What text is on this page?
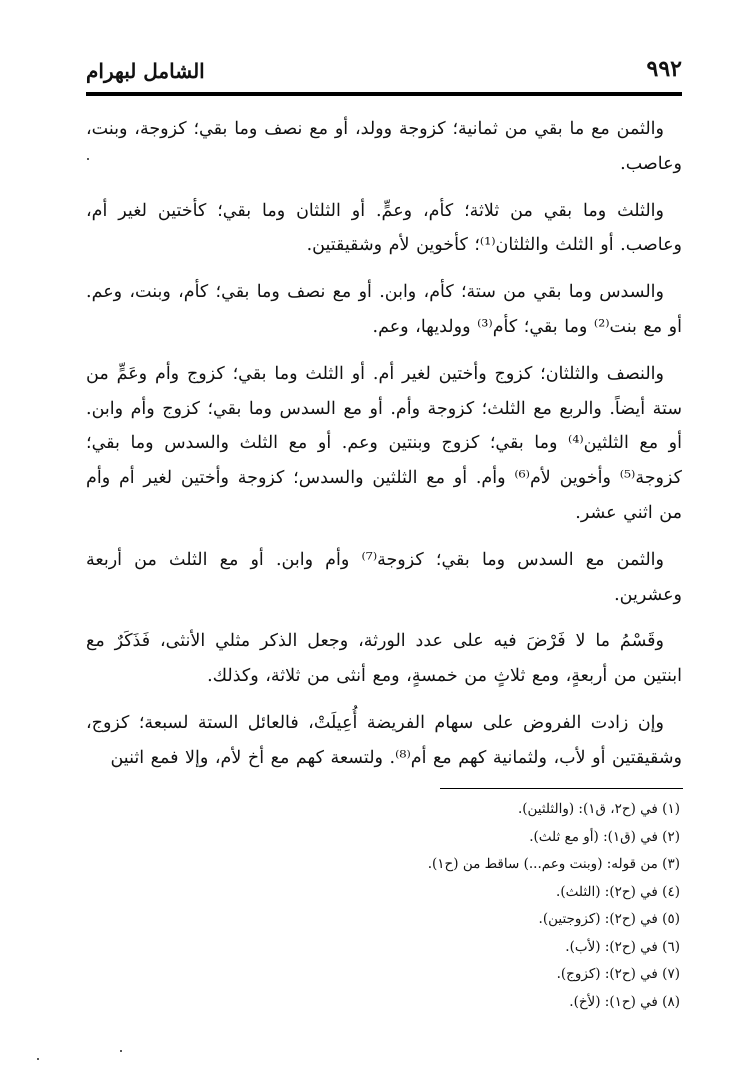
٩٩٢
الشامل لبهرام

والثمن مع ما بقي من ثمانية؛ كزوجة وولد، أو مع نصف وما بقي؛ كزوجة، وبنت، وعاصب.

والثلث وما بقي من ثلاثة؛ كأم، وعمٍّ. أو الثلثان وما بقي؛ كأختين لغير أم، وعاصب. أو الثلث والثلثان⁽¹⁾؛ كأخوين لأم وشقيقتين.

والسدس وما بقي من ستة؛ كأم، وابن. أو مع نصف وما بقي؛ كأم، وبنت، وعم. أو مع بنت⁽²⁾ وما بقي؛ كأم⁽³⁾ وولديها، وعم.

والنصف والثلثان؛ كزوج وأختين لغير أم. أو الثلث وما بقي؛ كزوج وأم وعَمٍّ من ستة أيضاً. والربع مع الثلث؛ كزوجة وأم. أو مع السدس وما بقي؛ كزوج وأم وابن. أو مع الثلثين⁽⁴⁾ وما بقي؛ كزوج وبنتين وعم. أو مع الثلث والسدس وما بقي؛ كزوجة⁽⁵⁾ وأخوين لأم⁽⁶⁾ وأم. أو مع الثلثين والسدس؛ كزوجة وأختين لغير أم وأم من اثني عشر.

والثمن مع السدس وما بقي؛ كزوجة⁽⁷⁾ وأم وابن. أو مع الثلث من أربعة وعشرين.

وقَسْمُ ما لا فَرْضَ فيه على عدد الورثة، وجعل الذكر مثلي الأنثى، فَذَكَرٌ مع ابنتين من أربعةٍ، ومع ثلاثٍ من خمسةٍ، ومع أنثى من ثلاثة، وكذلك.

وإن زادت الفروض على سهام الفريضة أُعِيلَتْ، فالعائل الستة لسبعة؛ كزوج، وشقيقتين أو لأب، ولثمانية كهم مع أم⁽⁸⁾. ولتسعة كهم مع أخ لأم، وإلا فمع اثنين

(١) في (ح٢، ق١): (والثلثين).
(٢) في (ق١): (أو مع ثلث).
(٣) من قوله: (وبنت وعم...) ساقط من (ح١).
(٤) في (ح٢): (الثلث).
(٥) في (ح٢): (كزوجتين).
(٦) في (ح٢): (لأب).
(٧) في (ح٢): (كزوج).
(٨) في (ح١): (لأخ).
